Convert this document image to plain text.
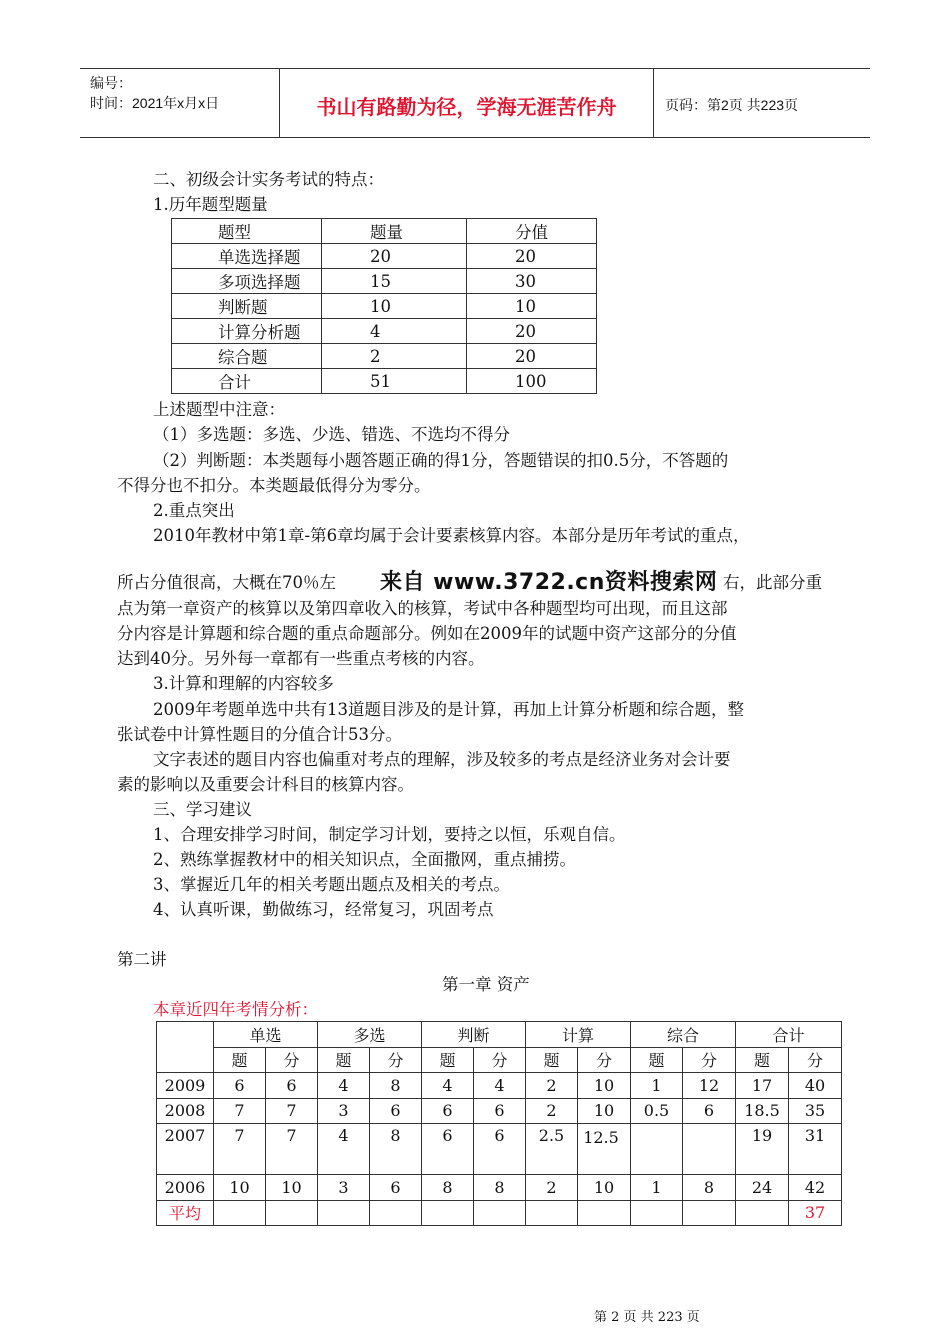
编号：
时间：2021年x月x日	书山有路勤为径，学海无涯苦作舟	页码：第2页 共223页
二、初级会计实务考试的特点：
1.历年题型题量
题型	题量	分值
单选选择题	20	20
多项选择题	15	30
判断题	10	10
计算分析题	4	20
综合题	2	20
合计	51	100
上述题型中注意：
（1）多选题：多选、少选、错选、不选均不得分
（2）判断题：本类题每小题答题正确的得1分，答题错误的扣0.5分，不答题的
不得分也不扣分。本类题最低得分为零分。
2.重点突出
2010年教材中第1章-第6章均属于会计要素核算内容。本部分是历年考试的重点，
所占分值很高，大概在70％左 来自 www.3722.cn资料搜索网 右，此部分重
点为第一章资产的核算以及第四章收入的核算，考试中各种题型均可出现，而且这部
分内容是计算题和综合题的重点命题部分。例如在2009年的试题中资产这部分的分值
达到40分。另外每一章都有一些重点考核的内容。
3.计算和理解的内容较多
2009年考题单选中共有13道题目涉及的是计算，再加上计算分析题和综合题，整
张试卷中计算性题目的分值合计53分。
文字表述的题目内容也偏重对考点的理解，涉及较多的考点是经济业务对会计要
素的影响以及重要会计科目的核算内容。
三、学习建议
1、合理安排学习时间，制定学习计划，要持之以恒，乐观自信。
2、熟练掌握教材中的相关知识点，全面撒网，重点捕捞。
3、掌握近几年的相关考题出题点及相关的考点。
4、认真听课，勤做练习，经常复习，巩固考点
第二讲
第一章 资产
本章近四年考情分析：
	单选		多选		判断		计算		综合		合计	
	题	分	题	分	题	分	题	分	题	分	题	分
2009	6	6	4	8	4	4	2	10	1	12	17	40
2008	7	7	3	6	6	6	2	10	0.5	6	18.5	35
2007	7	7	4	8	6	6	2.5	12.5			19	31
2006	10	10	3	6	8	8	2	10	1	8	24	42
平均												37
第 2 页 共 223 页
